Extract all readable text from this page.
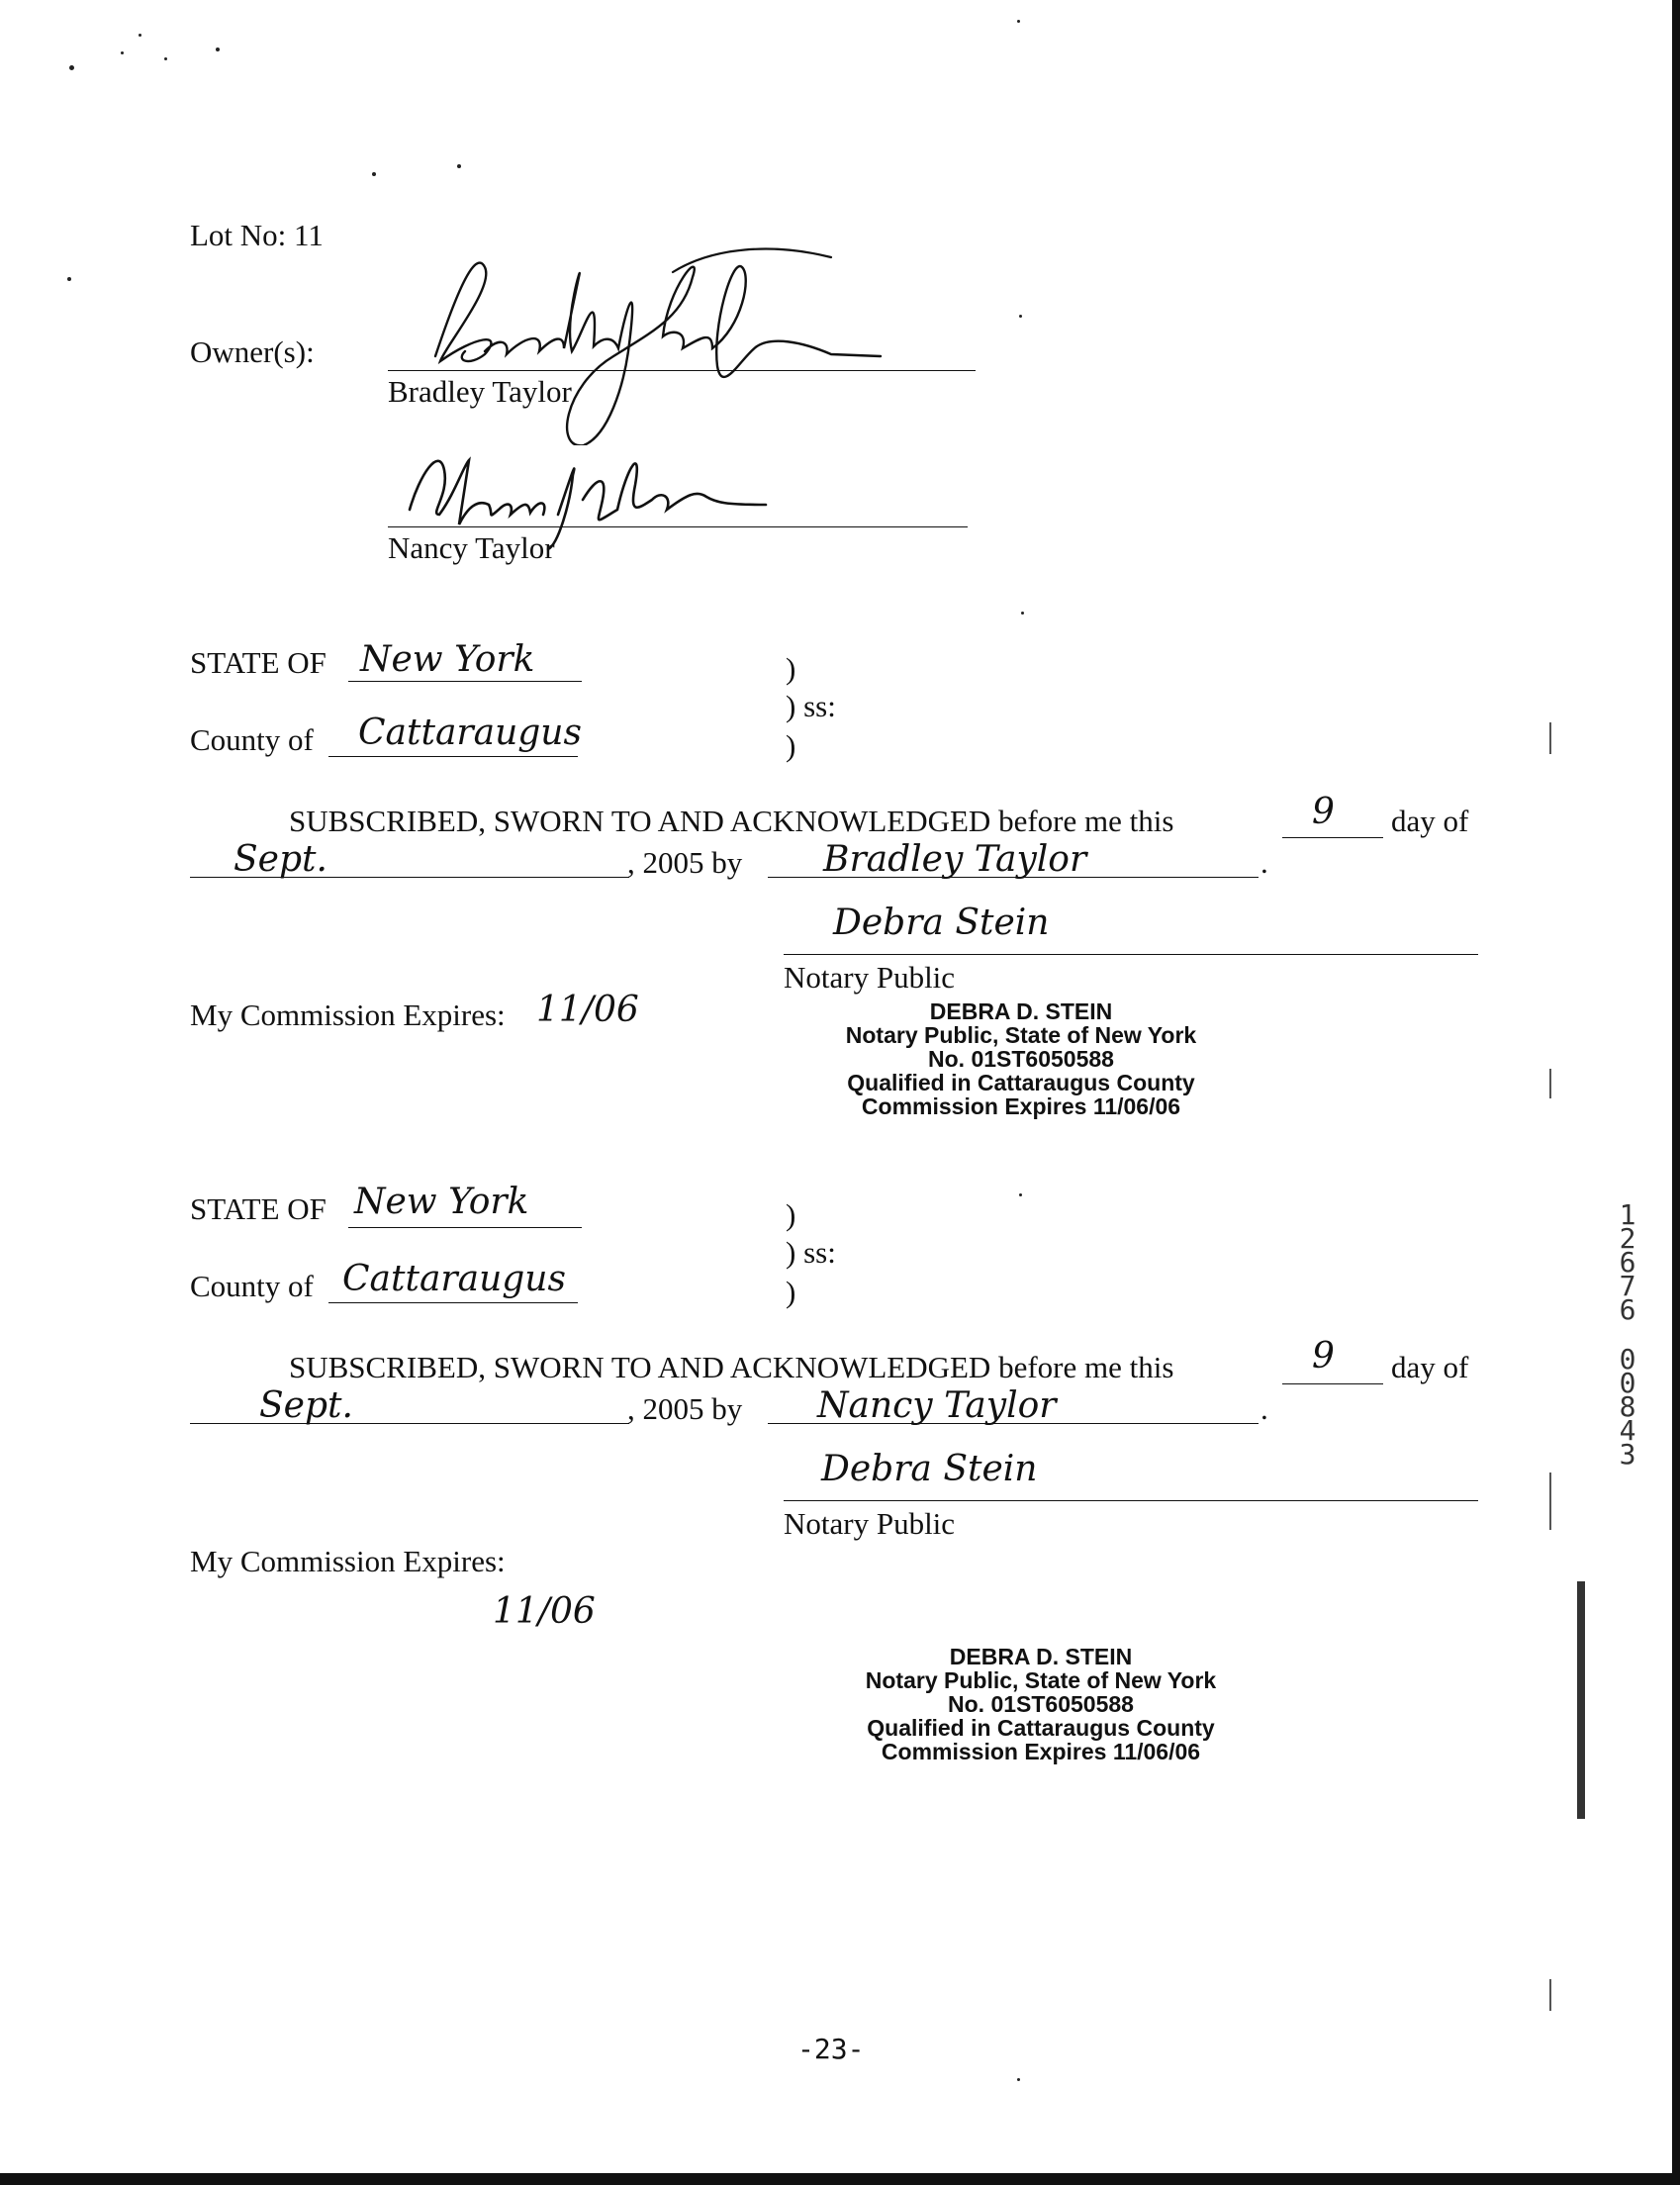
Lot No: 11
Owner(s):
Bradley Taylor
Nancy Taylor
STATE OF New York	)
) ss:
)
County of Cattaraugus
SUBSCRIBED, SWORN TO AND ACKNOWLEDGED before me this	9 day of
Sept.	, 2005 by Bradley Taylor	.
Debra Stein
Notary Public
My Commission Expires: 11/06	DEBRA D. STEIN
Notary Public, State of New York
No. 01ST6050588
Qualified in Cattaraugus County
Commission Expires 11/06/06
STATE OF New York	)
) ss:
)
County of Cattaraugus
SUBSCRIBED, SWORN TO AND ACKNOWLEDGED before me this	9 day of
Sept.	, 2005 by Nancy Taylor	.
Debra Stein
Notary Public
My Commission Expires:
11/06
DEBRA D. STEIN
Notary Public, State of New York
No. 01ST6050588
Qualified in Cattaraugus County
Commission Expires 11/06/06
12676
00843
-23-
